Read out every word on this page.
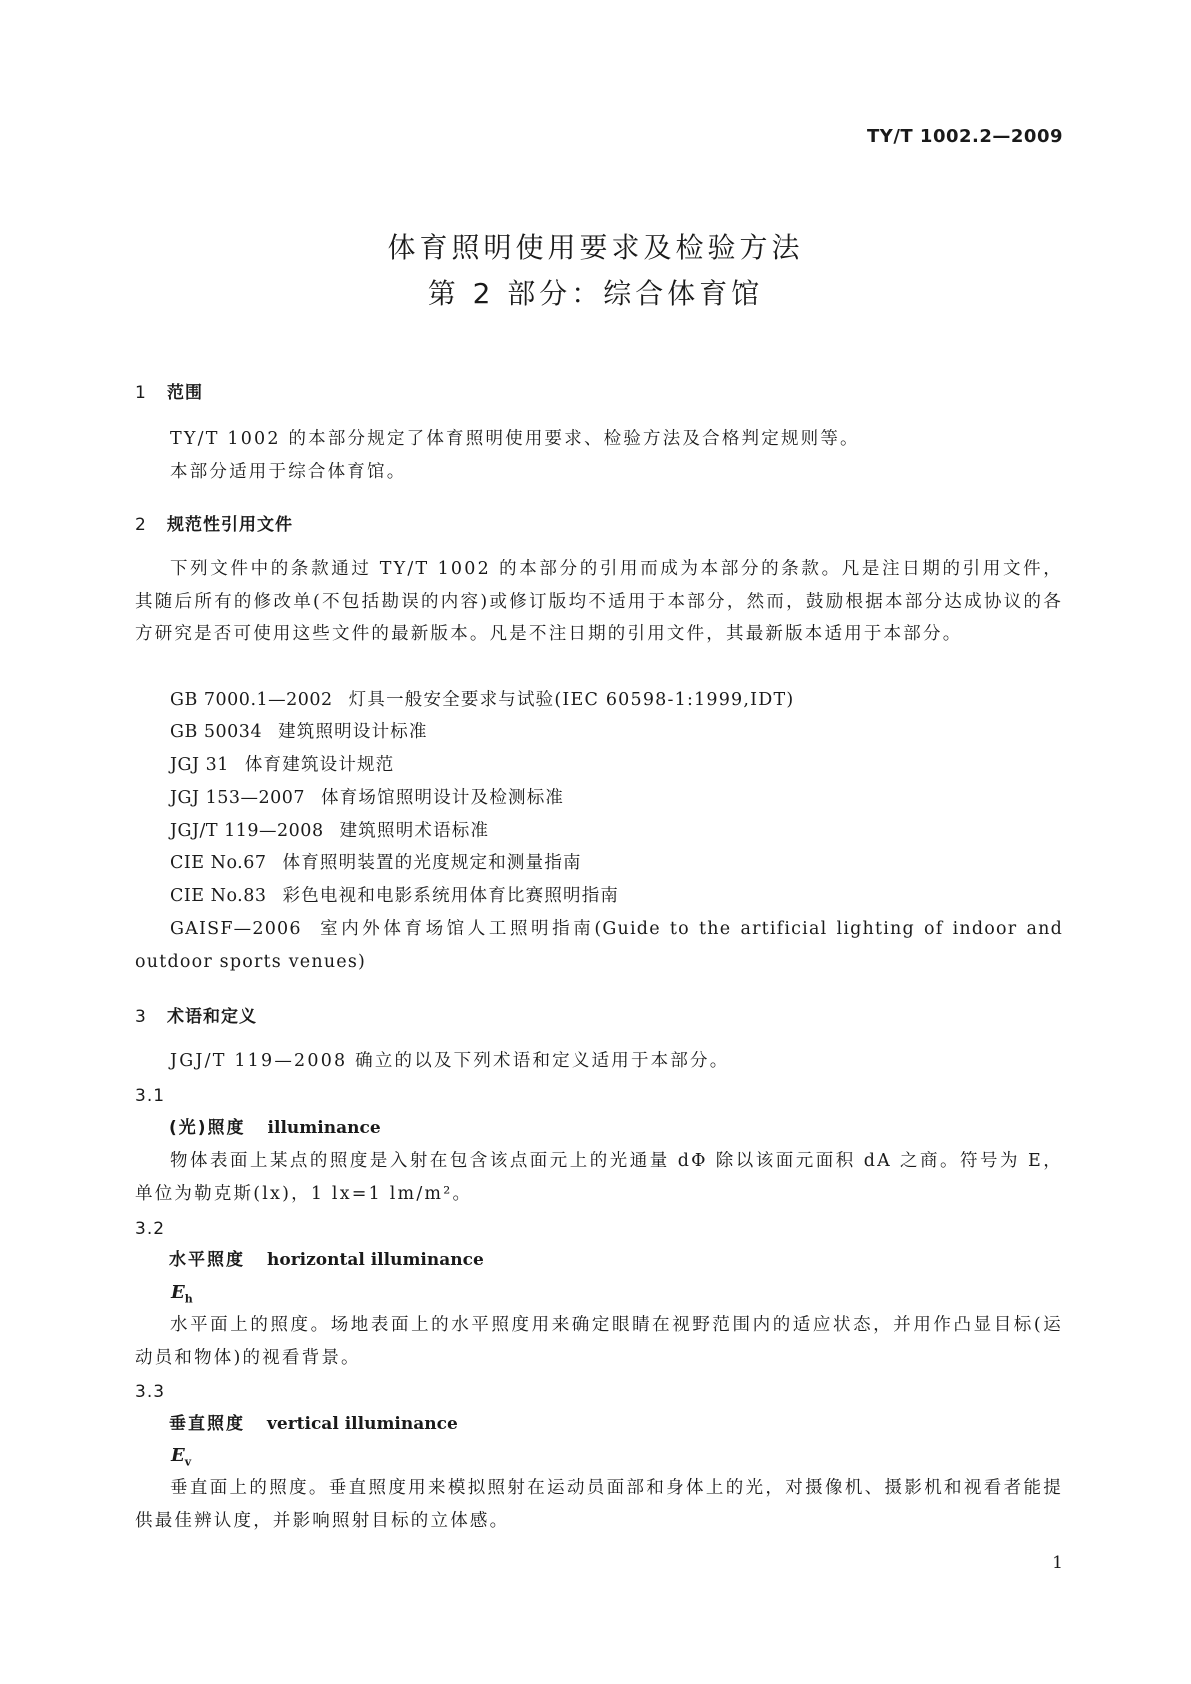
TY/T 1002.2—2009
体育照明使用要求及检验方法
第 2 部分：综合体育馆
1 范围

TY/T 1002 的本部分规定了体育照明使用要求、检验方法及合格判定规则等。

本部分适用于综合体育馆。

2 规范性引用文件

下列文件中的条款通过 TY/T 1002 的本部分的引用而成为本部分的条款。凡是注日期的引用文件，其随后所有的修改单(不包括勘误的内容)或修订版均不适用于本部分，然而，鼓励根据本部分达成协议的各方研究是否可使用这些文件的最新版本。凡是不注日期的引用文件，其最新版本适用于本部分。

GB 7000.1—2002 灯具一般安全要求与试验(IEC 60598-1:1999,IDT)
GB 50034 建筑照明设计标准
JGJ 31 体育建筑设计规范
JGJ 153—2007 体育场馆照明设计及检测标准
JGJ/T 119—2008 建筑照明术语标准
CIE No.67 体育照明装置的光度规定和测量指南
CIE No.83 彩色电视和电影系统用体育比赛照明指南

GAISF—2006 室内外体育场馆人工照明指南(Guide to the artificial lighting of indoor and outdoor sports venues)

3 术语和定义

JGJ/T 119—2008 确立的以及下列术语和定义适用于本部分。

3.1
(光)照度 illuminance

物体表面上某点的照度是入射在包含该点面元上的光通量 dΦ 除以该面元面积 dA 之商。符号为 E，单位为勒克斯(lx)，1 lx=1 lm/m²。

3.2
水平照度 horizontal illuminance
$E_h$

水平面上的照度。场地表面上的水平照度用来确定眼睛在视野范围内的适应状态，并用作凸显目标(运动员和物体)的视看背景。

3.3
垂直照度 vertical illuminance
$E_v$

垂直面上的照度。垂直照度用来模拟照射在运动员面部和身体上的光，对摄像机、摄影机和视看者能提供最佳辨认度，并影响照射目标的立体感。

1
